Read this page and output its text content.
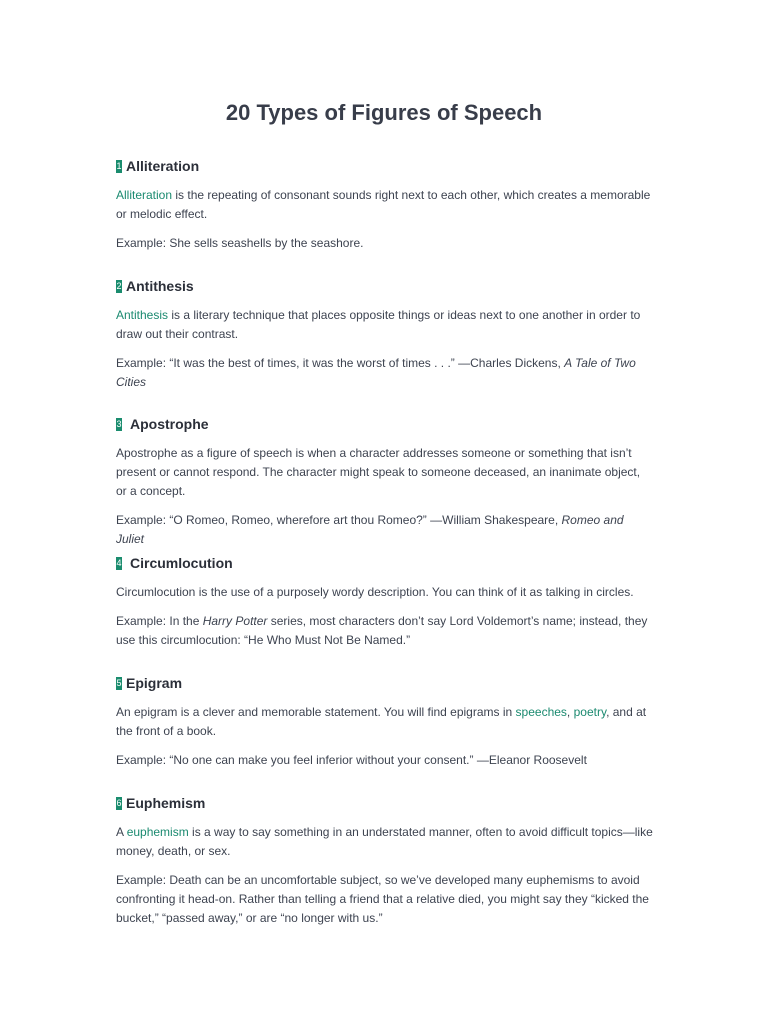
20 Types of Figures of Speech
1 Alliteration

Alliteration is the repeating of consonant sounds right next to each other, which creates a memorable or melodic effect.

Example: She sells seashells by the seashore.

2 Antithesis

Antithesis is a literary technique that places opposite things or ideas next to one another in order to draw out their contrast.

Example: “It was the best of times, it was the worst of times . . .” —Charles Dickens, A Tale of Two Cities

3 Apostrophe

Apostrophe as a figure of speech is when a character addresses someone or something that isn’t present or cannot respond. The character might speak to someone deceased, an inanimate object, or a concept.

Example: “O Romeo, Romeo, wherefore art thou Romeo?” —William Shakespeare, Romeo and Juliet

4 Circumlocution

Circumlocution is the use of a purposely wordy description. You can think of it as talking in circles.

Example: In the Harry Potter series, most characters don’t say Lord Voldemort’s name; instead, they use this circumlocution: “He Who Must Not Be Named.”

5 Epigram

An epigram is a clever and memorable statement. You will find epigrams in speeches, poetry, and at the front of a book.

Example: “No one can make you feel inferior without your consent.” —Eleanor Roosevelt

6 Euphemism

A euphemism is a way to say something in an understated manner, often to avoid difficult topics—like money, death, or sex.

Example: Death can be an uncomfortable subject, so we’ve developed many euphemisms to avoid confronting it head-on. Rather than telling a friend that a relative died, you might say they “kicked the bucket,” “passed away,” or are “no longer with us.”
